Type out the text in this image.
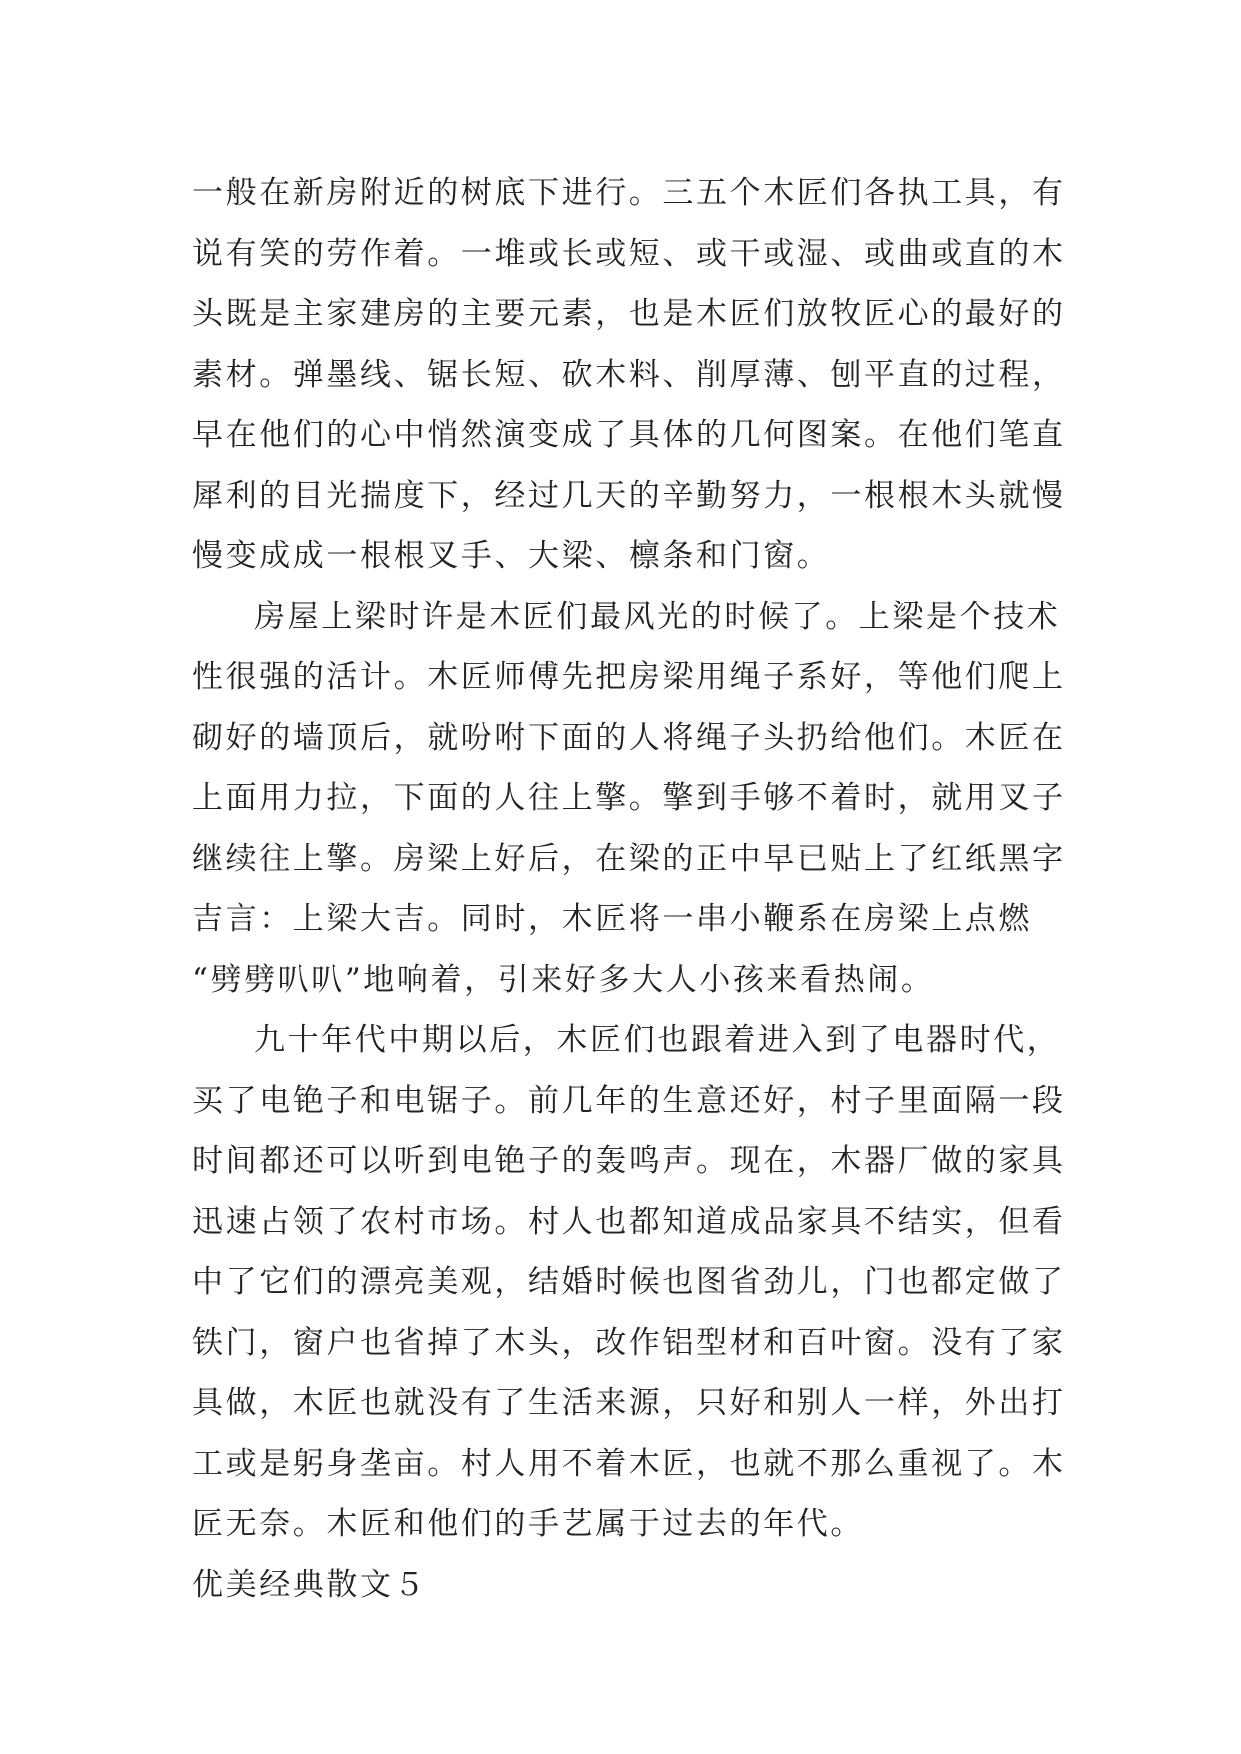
一般在新房附近的树底下进行。三五个木匠们各执工具，有
说有笑的劳作着。一堆或长或短、或干或湿、或曲或直的木
头既是主家建房的主要元素，也是木匠们放牧匠心的最好的
素材。弹墨线、锯长短、砍木料、削厚薄、刨平直的过程，
早在他们的心中悄然演变成了具体的几何图案。在他们笔直
犀利的目光揣度下，经过几天的辛勤努力，一根根木头就慢
慢变成成一根根叉手、大梁、檩条和门窗。
房屋上梁时许是木匠们最风光的时候了。上梁是个技术
性很强的活计。木匠师傅先把房梁用绳子系好，等他们爬上
砌好的墙顶后，就吩咐下面的人将绳子头扔给他们。木匠在
上面用力拉，下面的人往上擎。擎到手够不着时，就用叉子
继续往上擎。房梁上好后，在梁的正中早已贴上了红纸黑字
吉言：上梁大吉。同时，木匠将一串小鞭系在房梁上点燃
“劈劈叭叭”地响着，引来好多大人小孩来看热闹。
九十年代中期以后，木匠们也跟着进入到了电器时代，
买了电铯子和电锯子。前几年的生意还好，村子里面隔一段
时间都还可以听到电铯子的轰鸣声。现在，木器厂做的家具
迅速占领了农村市场。村人也都知道成品家具不结实，但看
中了它们的漂亮美观，结婚时候也图省劲儿，门也都定做了
铁门，窗户也省掉了木头，改作铝型材和百叶窗。没有了家
具做，木匠也就没有了生活来源，只好和别人一样，外出打
工或是躬身垄亩。村人用不着木匠，也就不那么重视了。木
匠无奈。木匠和他们的手艺属于过去的年代。
优美经典散文５
